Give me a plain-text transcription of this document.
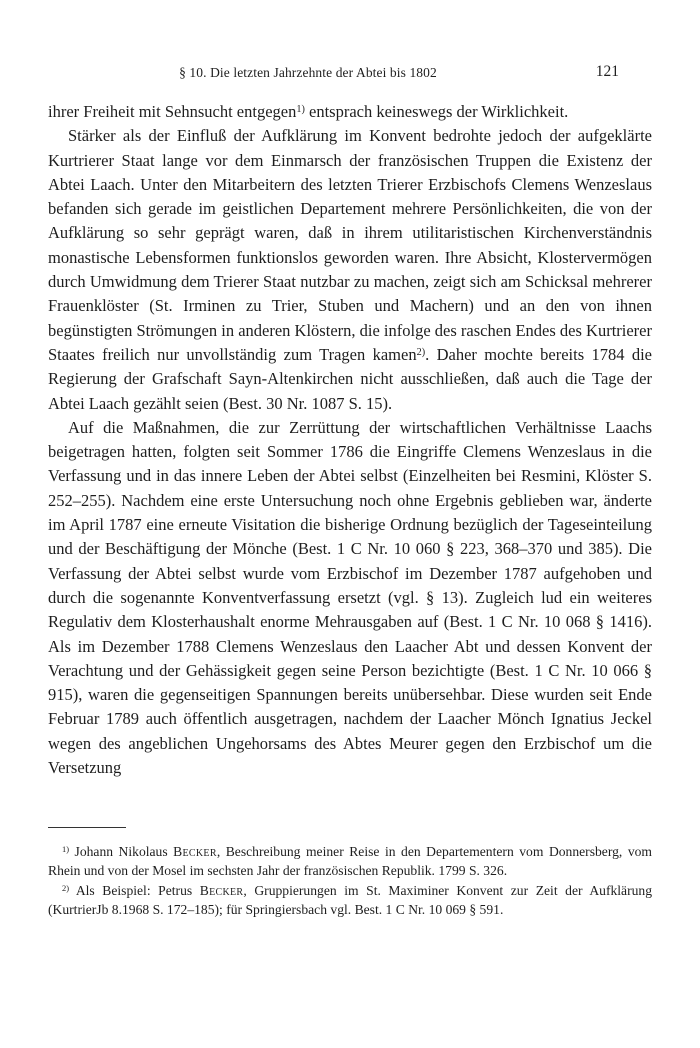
§ 10. Die letzten Jahrzehnte der Abtei bis 1802	121

ihrer Freiheit mit Sehnsucht entgegen$^{1)}$ entsprach keineswegs der Wirklichkeit.

Stärker als der Einfluß der Aufklärung im Konvent bedrohte jedoch der aufgeklärte Kurtrierer Staat lange vor dem Einmarsch der französischen Truppen die Existenz der Abtei Laach. Unter den Mitarbeitern des letzten Trierer Erzbischofs Clemens Wenzeslaus befanden sich gerade im geistlichen Departement mehrere Persönlichkeiten, die von der Aufklärung so sehr geprägt waren, daß in ihrem utilitaristischen Kirchenverständnis monastische Lebensformen funktionslos geworden waren. Ihre Absicht, Klostervermögen durch Umwidmung dem Trierer Staat nutzbar zu machen, zeigt sich am Schicksal mehrerer Frauenklöster (St. Irminen zu Trier, Stuben und Machern) und an den von ihnen begünstigten Strömungen in anderen Klöstern, die infolge des raschen Endes des Kurtrierer Staates freilich nur unvollständig zum Tragen kamen$^{2)}$. Daher mochte bereits 1784 die Regierung der Grafschaft Sayn-Altenkirchen nicht ausschließen, daß auch die Tage der Abtei Laach gezählt seien (Best. 30 Nr. 1087 S. 15).

Auf die Maßnahmen, die zur Zerrüttung der wirtschaftlichen Verhältnisse Laachs beigetragen hatten, folgten seit Sommer 1786 die Eingriffe Clemens Wenzeslaus in die Verfassung und in das innere Leben der Abtei selbst (Einzelheiten bei Resmini, Klöster S. 252–255). Nachdem eine erste Untersuchung noch ohne Ergebnis geblieben war, änderte im April 1787 eine erneute Visitation die bisherige Ordnung bezüglich der Tageseinteilung und der Beschäftigung der Mönche (Best. 1 C Nr. 10 060 § 223, 368–370 und 385). Die Verfassung der Abtei selbst wurde vom Erzbischof im Dezember 1787 aufgehoben und durch die sogenannte Konventverfassung ersetzt (vgl. § 13). Zugleich lud ein weiteres Regulativ dem Klosterhaushalt enorme Mehrausgaben auf (Best. 1 C Nr. 10 068 § 1416). Als im Dezember 1788 Clemens Wenzeslaus den Laacher Abt und dessen Konvent der Verachtung und der Gehässigkeit gegen seine Person bezichtigte (Best. 1 C Nr. 10 066 § 915), waren die gegenseitigen Spannungen bereits unübersehbar. Diese wurden seit Ende Februar 1789 auch öffentlich ausgetragen, nachdem der Laacher Mönch Ignatius Jeckel wegen des angeblichen Ungehorsams des Abtes Meurer gegen den Erzbischof um die Versetzung

$^{1)}$ Johann Nikolaus Becker, Beschreibung meiner Reise in den Departementern vom Donnersberg, vom Rhein und von der Mosel im sechsten Jahr der französischen Republik. 1799 S. 326.

$^{2)}$ Als Beispiel: Petrus Becker, Gruppierungen im St. Maximiner Konvent zur Zeit der Aufklärung (KurtrierJb 8.1968 S. 172–185); für Springiersbach vgl. Best. 1 C Nr. 10 069 § 591.
